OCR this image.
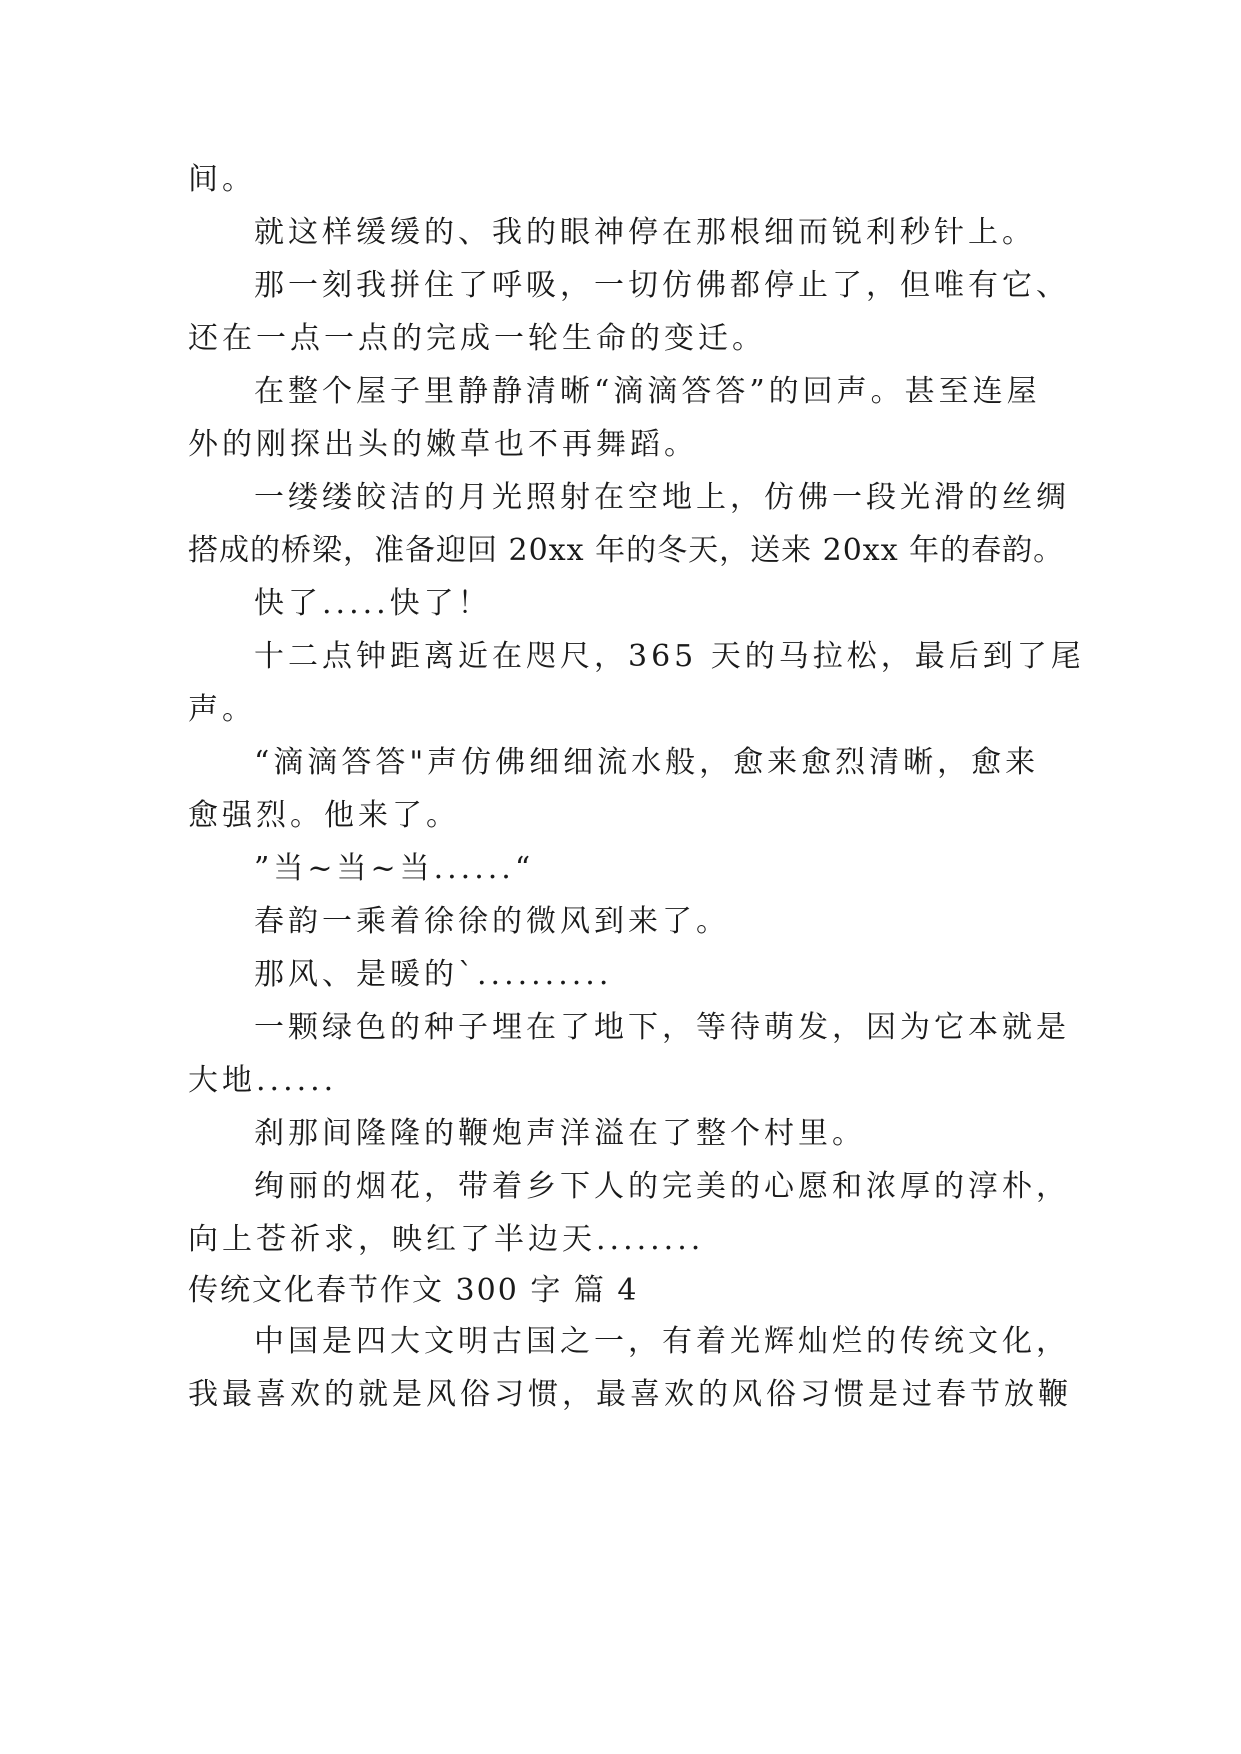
间。
就这样缓缓的、我的眼神停在那根细而锐利秒针上。
那一刻我拼住了呼吸，一切仿佛都停止了，但唯有它、
还在一点一点的完成一轮生命的变迁。
在整个屋子里静静清晰“滴滴答答”的回声。甚至连屋
外的刚探出头的嫩草也不再舞蹈。
一缕缕皎洁的月光照射在空地上，仿佛一段光滑的丝绸
搭成的桥梁，准备迎回 20xx 年的冬天，送来 20xx 年的春韵。
快了.....快了！
十二点钟距离近在咫尺，365 天的马拉松，最后到了尾
声。
“滴滴答答"声仿佛细细流水般，愈来愈烈清晰，愈来
愈强烈。他来了。
”当~当~当......“
春韵一乘着徐徐的微风到来了。
那风、是暖的`..........
一颗绿色的种子埋在了地下，等待萌发，因为它本就是
大地......
刹那间隆隆的鞭炮声洋溢在了整个村里。
绚丽的烟花，带着乡下人的完美的心愿和浓厚的淳朴，
向上苍祈求，映红了半边天........
传统文化春节作文 300 字 篇 4
中国是四大文明古国之一，有着光辉灿烂的传统文化，
我最喜欢的就是风俗习惯，最喜欢的风俗习惯是过春节放鞭
